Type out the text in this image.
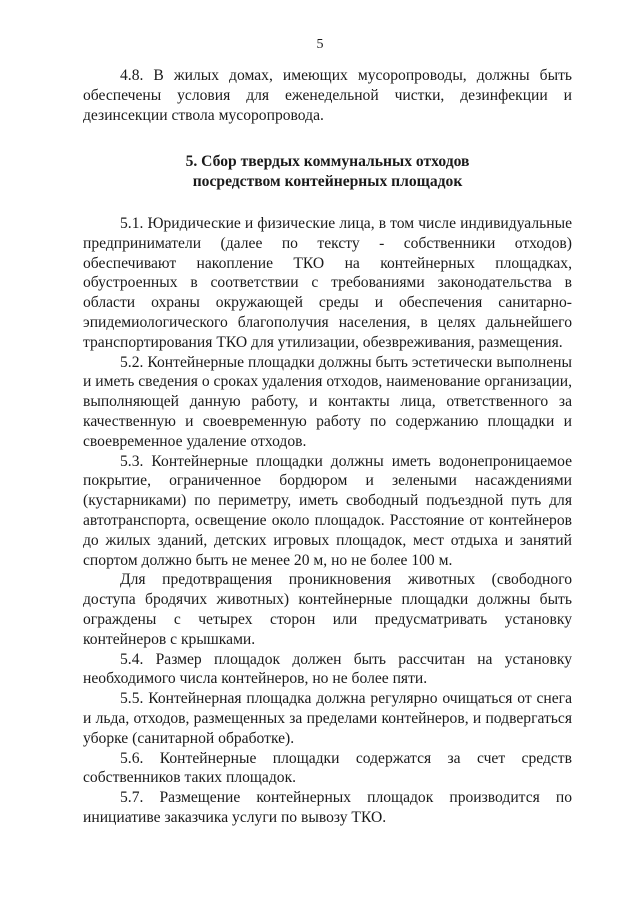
5

4.8. В жилых домах, имеющих мусоропроводы, должны быть обеспечены условия для еженедельной чистки, дезинфекции и дезинсекции ствола мусоропровода.

5. Сбор твердых коммунальных отходов
посредством контейнерных площадок

5.1. Юридические и физические лица, в том числе индивидуальные предприниматели (далее по тексту - собственники отходов) обеспечивают накопление ТКО на контейнерных площадках, обустроенных в соответствии с требованиями законодательства в области охраны окружающей среды и обеспечения санитарно-эпидемиологического благополучия населения, в целях дальнейшего транспортирования ТКО для утилизации, обезвреживания, размещения.

5.2. Контейнерные площадки должны быть эстетически выполнены и иметь сведения о сроках удаления отходов, наименование организации, выполняющей данную работу, и контакты лица, ответственного за качественную и своевременную работу по содержанию площадки и своевременное удаление отходов.

5.3. Контейнерные площадки должны иметь водонепроницаемое покрытие, ограниченное бордюром и зелеными насаждениями (кустарниками) по периметру, иметь свободный подъездной путь для автотранспорта, освещение около площадок. Расстояние от контейнеров до жилых зданий, детских игровых площадок, мест отдыха и занятий спортом должно быть не менее 20 м, но не более 100 м.

Для предотвращения проникновения животных (свободного доступа бродячих животных) контейнерные площадки должны быть ограждены с четырех сторон или предусматривать установку контейнеров с крышками.

5.4. Размер площадок должен быть рассчитан на установку необходимого числа контейнеров, но не более пяти.

5.5. Контейнерная площадка должна регулярно очищаться от снега и льда, отходов, размещенных за пределами контейнеров, и подвергаться уборке (санитарной обработке).

5.6. Контейнерные площадки содержатся за счет средств собственников таких площадок.

5.7. Размещение контейнерных площадок производится по инициативе заказчика услуги по вывозу ТКО.
